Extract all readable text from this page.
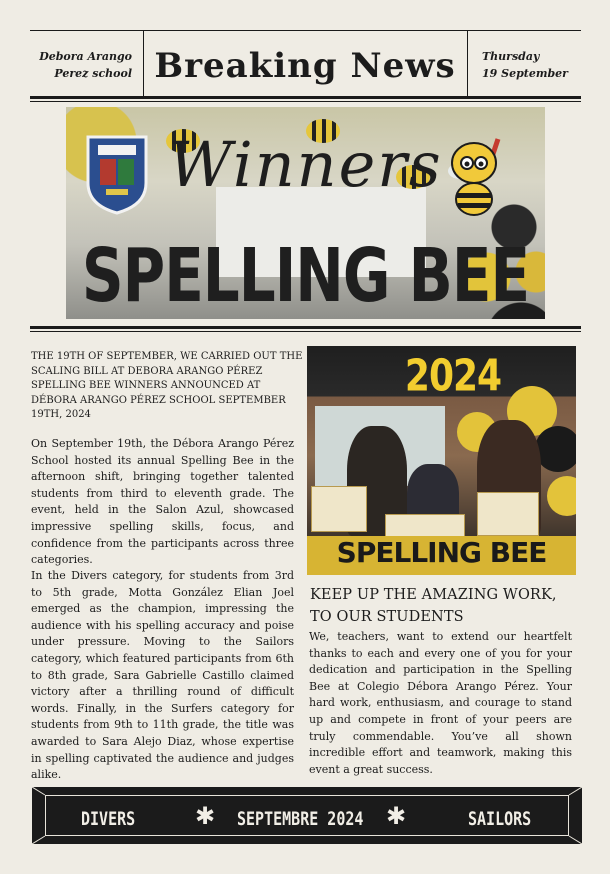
Debora Arango
Perez school Breaking News Thursday
19 September
Winners
SPELLING BEE
THE 19TH OF SEPTEMBER, WE CARRIED OUT THE SCALING BILL AT DEBORA ARANGO PÉREZ SPELLING BEE WINNERS ANNOUNCED AT DÉBORA ARANGO PÉREZ SCHOOL SEPTEMBER 19TH, 2024

On September 19th, the Débora Arango Pérez School hosted its annual Spelling Bee in the afternoon shift, bringing together talented students from third to eleventh grade. The event, held in the Salon Azul, showcased impressive spelling skills, focus, and confidence from the participants across three categories.

In the Divers category, for students from 3rd to 5th grade, Motta González Elian Joel emerged as the champion, impressing the audience with his spelling accuracy and poise under pressure. Moving to the Sailors category, which featured participants from 6th to 8th grade, Sara Gabrielle Castillo claimed victory after a thrilling round of difficult words. Finally, in the Surfers category for students from 9th to 11th grade, the title was awarded to Sara Alejo Diaz, whose expertise in spelling captivated the audience and judges alike.

2024
SPELLING BEE
KEEP UP THE AMAZING WORK, TO OUR STUDENTS

We, teachers, want to extend our heartfelt thanks to each and every one of you for your dedication and participation in the Spelling Bee at Colegio Débora Arango Pérez. Your hard work, enthusiasm, and courage to stand up and compete in front of your peers are truly commendable. You’ve all shown incredible effort and teamwork, making this event a great success.

DIVERS ✱ SEPTEMBRE 2024 ✱	SAILORS
